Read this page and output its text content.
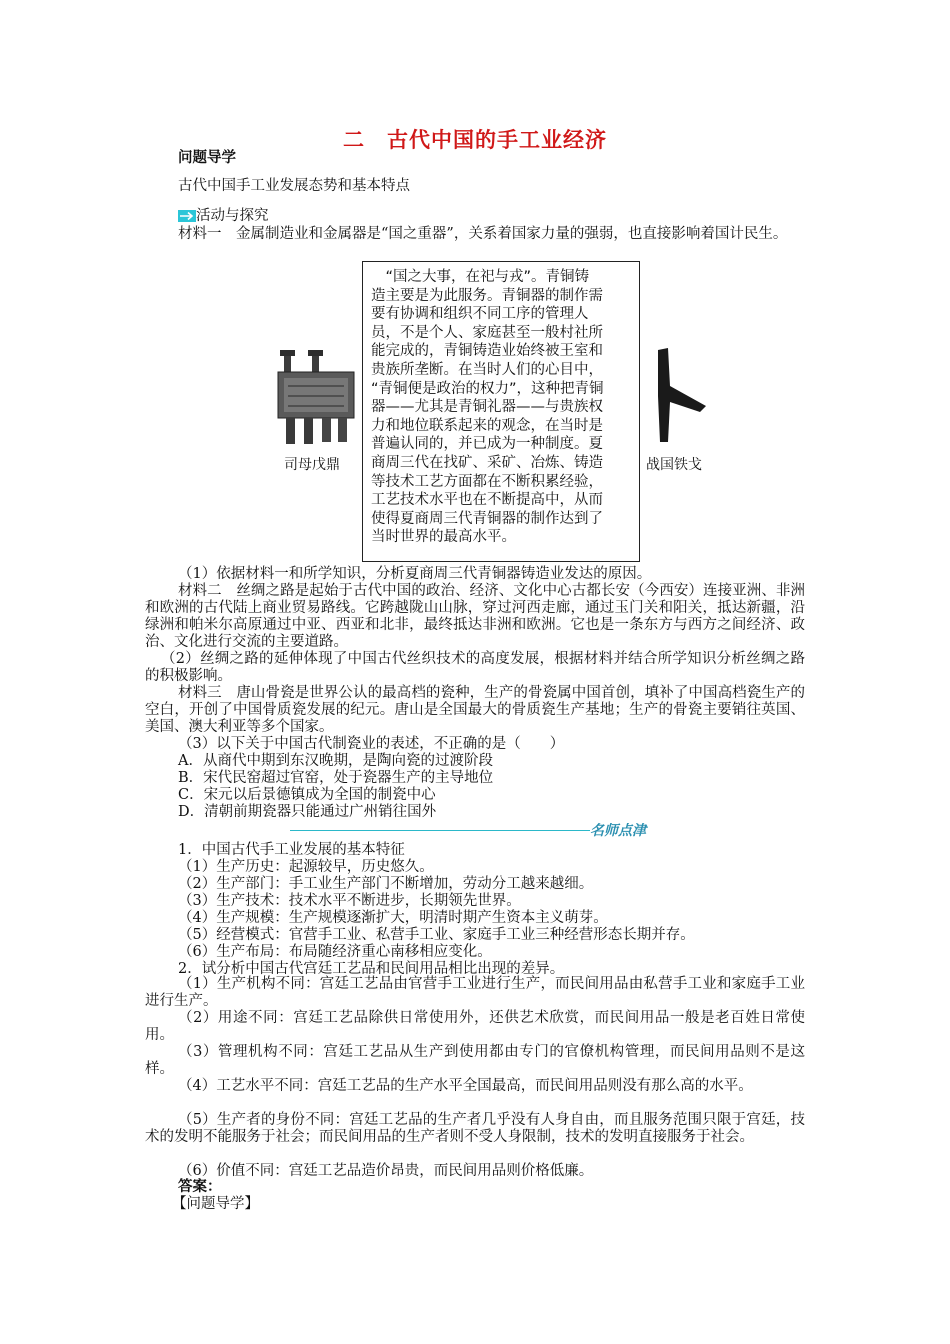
二　古代中国的手工业经济
问题导学
古代中国手工业发展态势和基本特点
活动与探究
材料一　金属制造业和金属器是“国之重器”，关系着国家力量的强弱，也直接影响着国计民生。
司母戊鼎
　“国之大事，在祀与戎”。青铜铸
造主要是为此服务。青铜器的制作需
要有协调和组织不同工序的管理人
员，不是个人、家庭甚至一般村社所
能完成的，青铜铸造业始终被王室和
贵族所垄断。在当时人们的心目中，
“青铜便是政治的权力”，这种把青铜
器——尤其是青铜礼器——与贵族权
力和地位联系起来的观念，在当时是
普遍认同的，并已成为一种制度。夏
商周三代在找矿、采矿、冶炼、铸造
等技术工艺方面都在不断积累经验，
工艺技术水平也在不断提高中，从而
使得夏商周三代青铜器的制作达到了
当时世界的最高水平。
战国铁戈
（1）依据材料一和所学知识，分析夏商周三代青铜器铸造业发达的原因。
材料二　丝绸之路是起始于古代中国的政治、经济、文化中心古都长安（今西安）连接亚洲、非洲和欧洲的古代陆上商业贸易路线。它跨越陇山山脉，穿过河西走廊，通过玉门关和阳关，抵达新疆，沿绿洲和帕米尔高原通过中亚、西亚和北非，最终抵达非洲和欧洲。它也是一条东方与西方之间经济、政治、文化进行交流的主要道路。
（2）丝绸之路的延伸体现了中国古代丝织技术的高度发展，根据材料并结合所学知识分析丝绸之路的积极影响。
材料三　唐山骨瓷是世界公认的最高档的瓷种，生产的骨瓷属中国首创，填补了中国高档瓷生产的空白，开创了中国骨质瓷发展的纪元。唐山是全国最大的骨质瓷生产基地；生产的骨瓷主要销往英国、美国、澳大利亚等多个国家。
（3）以下关于中国古代制瓷业的表述，不正确的是（　　）
A．从商代中期到东汉晚期，是陶向瓷的过渡阶段
B．宋代民窑超过官窑，处于瓷器生产的主导地位
C．宋元以后景德镇成为全国的制瓷中心
D．清朝前期瓷器只能通过广州销往国外
名师点津
1．中国古代手工业发展的基本特征
（1）生产历史：起源较早，历史悠久。
（2）生产部门：手工业生产部门不断增加，劳动分工越来越细。
（3）生产技术：技术水平不断进步，长期领先世界。
（4）生产规模：生产规模逐渐扩大，明清时期产生资本主义萌芽。
（5）经营模式：官营手工业、私营手工业、家庭手工业三种经营形态长期并存。
（6）生产布局：布局随经济重心南移相应变化。
2．试分析中国古代宫廷工艺品和民间用品相比出现的差异。
（1）生产机构不同：宫廷工艺品由官营手工业进行生产，而民间用品由私营手工业和家庭手工业进行生产。
（2）用途不同：宫廷工艺品除供日常使用外，还供艺术欣赏，而民间用品一般是老百姓日常使用。
（3）管理机构不同：宫廷工艺品从生产到使用都由专门的官僚机构管理，而民间用品则不是这样。
（4）工艺水平不同：宫廷工艺品的生产水平全国最高，而民间用品则没有那么高的水平。
（5）生产者的身份不同：宫廷工艺品的生产者几乎没有人身自由，而且服务范围只限于宫廷，技术的发明不能服务于社会；而民间用品的生产者则不受人身限制，技术的发明直接服务于社会。
（6）价值不同：宫廷工艺品造价昂贵，而民间用品则价格低廉。
答案：
【问题导学】
